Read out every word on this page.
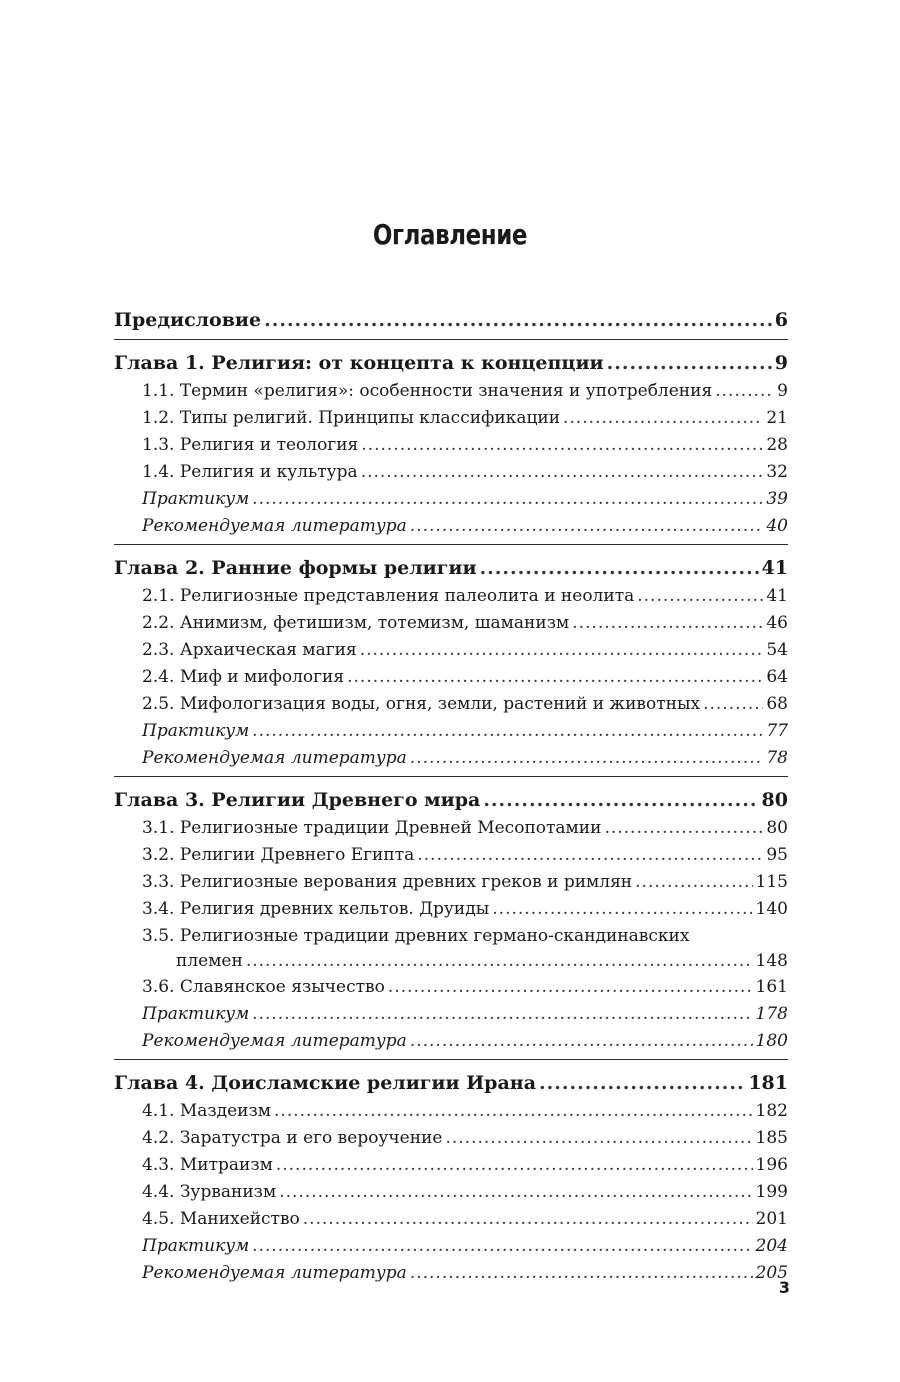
Оглавление
Предисловие .....	6
Глава 1. Религия: от концепта к концепции .....	9
1.1. Термин «религия»: особенности значения и употребления .....	9
1.2. Типы религий. Принципы классификации .....	21
1.3. Религия и теология .....	28
1.4. Религия и культура .....	32
Практикум .....	39
Рекомендуемая литература .....	40
Глава 2. Ранние формы религии .....	41
2.1. Религиозные представления палеолита и неолита .....	41
2.2. Анимизм, фетишизм, тотемизм, шаманизм .....	46
2.3. Архаическая магия .....	54
2.4. Миф и мифология .....	64
2.5. Мифологизация воды, огня, земли, растений и животных .....	68
Практикум .....	77
Рекомендуемая литература .....	78
Глава 3. Религии Древнего мира .....	80
3.1. Религиозные традиции Древней Месопотамии .....	80
3.2. Религии Древнего Египта .....	95
3.3. Религиозные верования древних греков и римлян .....	115
3.4. Религия древних кельтов. Друиды .....	140
3.5. Религиозные традиции древних германо-скандинавских
племен .....	148
3.6. Славянское язычество .....	161
Практикум .....	178
Рекомендуемая литература .....	180
Глава 4. Доисламские религии Ирана .....	181
4.1. Маздеизм .....	182
4.2. Заратустра и его вероучение .....	185
4.3. Митраизм .....	196
4.4. Зурванизм .....	199
4.5. Манихейство .....	201
Практикум .....	204
Рекомендуемая литература .....	205
3
